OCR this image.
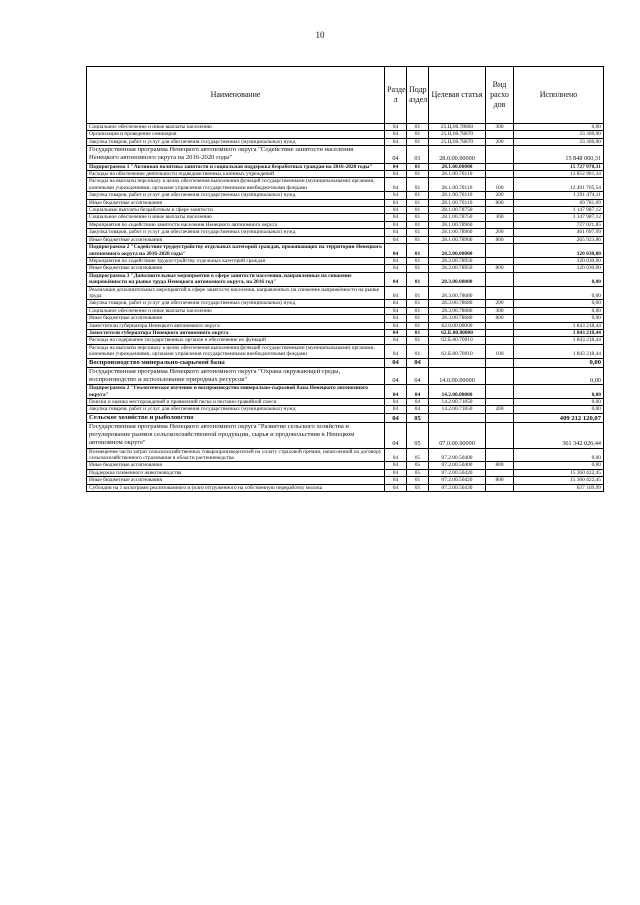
10
Наименование	Разде л	Подр аздел	Целевая статья	Вид расхо дов	Исполнено
Социальное обеспечение и иные выплаты населению	04	01	25.Ц.00.78860	300	0,00
Организация и проведение семинаров	04	01	25.Ц.00.78870		23 300,00
Закупка товаров, работ и услуг для обеспечения государственных (муниципальных) нужд	04	01	25.Ц.00.78870	200	23 300,00
Государственная программа Ненецкого автономного округа "Содействие занятости населения Ненецкого автономного округа на 2016-2020 годы"	04	01	28.0.00.00000		15 848 000,31
Подпрограмма 1 "Активная политика занятости и социальная поддержка безработных граждан на 2016-2020 годы"	04	01	28.1.00.00000		15 727 970,31
Расходы на обеспечение деятельности подведомственных казённых учреждений	04	01	28.1.00.70110		13 852 961,34
Расходы на выплаты персоналу в целях обеспечения выполнения функций государственными (муниципальными) органами, казенными учреждениями, органами управления государственными внебюджетными фондами	04	01	28.1.00.70110	100	12 491 705,54
Закупка товаров, работ и услуг для обеспечения государственных (муниципальных) нужд	04	01	28.1.00.70110	200	1 291 474,11
Иные бюджетные ассигнования	04	01	28.1.00.70110	800	69 781,69
Социальные выплаты безработным в сфере занятости	04	01	28.1.00.78750		1 147 987,12
Социальное обеспечение и иные выплаты населению	04	01	28.1.00.78750	300	1 147 987,12
Мероприятия по содействию занятости населения Ненецкого автономного округа	04	01	28.1.00.78960		727 021,85
Закупка товаров, работ и услуг для обеспечения государственных (муниципальных) нужд	04	01	28.1.00.78960	200	461 097,99
Иные бюджетные ассигнования	04	01	28.1.00.78960	800	265 923,86
Подпрограмма 2 "Содействие трудоустройству отдельных категорий граждан, проживающих на территории Ненецкого автономного округа на 2016-2020 годы"	04	01	28.2.00.00000		120 030,00
Мероприятия по содействию трудоустройству отдельных категорий граждан	04	01	28.2.00.78950		120 030,00
Иные бюджетные ассигнования	04	01	28.2.00.78950	800	120 030,00
Подпрограмма 3 "Дополнительные мероприятия в сфере занятости населения, направленные на снижение напряжённости на рынке труда Ненецкого автономного округа, на 2016 год"	04	01	28.3.00.00000		0,00
Реализация дополнительных мероприятий в сфере занятости населения, направленных на снижение напряжённости на рынке труда	04	01	28.3.00.78680		0,00
Закупка товаров, работ и услуг для обеспечения государственных (муниципальных) нужд	04	01	28.3.00.78680	200	0,00
Социальное обеспечение и иные выплаты населению	04	01	28.3.00.78680	300	0,00
Иные бюджетные ассигнования	04	01	28.3.00.78680	800	0,00
Заместители губернатора Ненецкого автономного округа	04	01	62.0.00.00000		1 843 218,44
Заместители губернатора Ненецкого автономного округа	04	01	62.Б.00.00000		1 843 218,44
Расходы на содержание государственных органов и обеспечение их функций	04	01	62.Б.00.70010		1 843 218,44
Расходы на выплаты персоналу в целях обеспечения выполнения функций государственными (муниципальными) органами, казенными учреждениями, органами управления государственными внебюджетными фондами	04	01	62.Б.00.70010	100	1 843 218,44
Воспроизводство минерально-сырьевой базы	04	04			0,00
Государственная программа Ненецкого автономного округа "Охрана окружающей среды, воспроизводство и использование природных ресурсов"	04	04	14.0.00.00000		0,00
Подпрограмма 2 "Геологическое изучение и воспроизводство минерально-сырьевой базы Ненецкого автономного округа"	04	04	14.2.00.00000		0,00
Поиски и оценка месторождений и проявлений песка и песчано-гравийной смеси	04	04	14.2.00.71850		0,00
Закупка товаров, работ и услуг для обеспечения государственных (муниципальных) нужд	04	04	14.2.00.71850	200	0,00
Сельское хозяйство и рыболовство	04	05			409 212 120,07
Государственная программа Ненецкого автономного округа "Развитие сельского хозяйства и регулирование рынков сельскохозяйственной продукции, сырья и продовольствия в Ненецком автономном округе"	04	05	07.0.00.00000		361 342 026,44
Возмещение части затрат сельскохозяйственных товаропроизводителей на уплату страховой премии, начисленной по договору сельскохозяйственного страхования в области растениеводства	04	05	07.2.00.50400		0,00
Иные бюджетные ассигнования	04	05	07.2.00.50400	800	0,00
Поддержка племенного животноводства	04	05	07.2.00.50420		15 360 422,45
Иные бюджетные ассигнования	04	05	07.2.00.50420	800	15 360 422,45
Субсидии на 1 килограмм реализованного и (или) отгруженного на собственную переработку молока	04	05	07.2.00.50430		637 169,99
